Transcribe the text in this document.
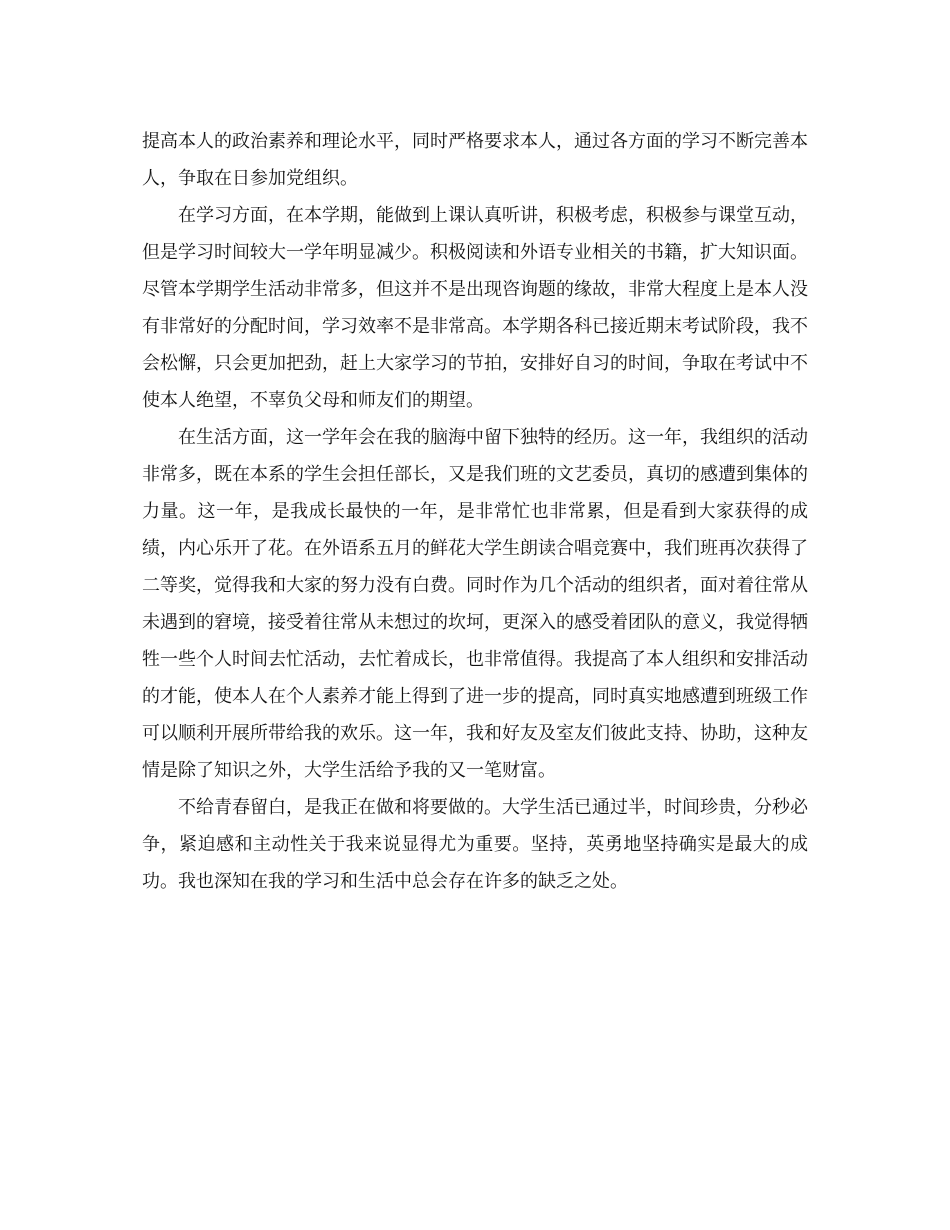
提高本人的政治素养和理论水平，同时严格要求本人，通过各方面的学习不断完善本人，争取在日参加党组织。

在学习方面，在本学期，能做到上课认真听讲，积极考虑，积极参与课堂互动，但是学习时间较大一学年明显减少。积极阅读和外语专业相关的书籍，扩大知识面。尽管本学期学生活动非常多，但这并不是出现咨询题的缘故，非常大程度上是本人没有非常好的分配时间，学习效率不是非常高。本学期各科已接近期末考试阶段，我不会松懈，只会更加把劲，赶上大家学习的节拍，安排好自习的时间，争取在考试中不使本人绝望，不辜负父母和师友们的期望。

在生活方面，这一学年会在我的脑海中留下独特的经历。这一年，我组织的活动非常多，既在本系的学生会担任部长，又是我们班的文艺委员，真切的感遭到集体的力量。这一年，是我成长最快的一年，是非常忙也非常累，但是看到大家获得的成绩，内心乐开了花。在外语系五月的鲜花大学生朗读合唱竞赛中，我们班再次获得了二等奖，觉得我和大家的努力没有白费。同时作为几个活动的组织者，面对着往常从未遇到的窘境，接受着往常从未想过的坎坷，更深入的感受着团队的意义，我觉得牺牲一些个人时间去忙活动，去忙着成长，也非常值得。我提高了本人组织和安排活动的才能，使本人在个人素养才能上得到了进一步的提高，同时真实地感遭到班级工作可以顺利开展所带给我的欢乐。这一年，我和好友及室友们彼此支持、协助，这种友情是除了知识之外，大学生活给予我的又一笔财富。

不给青春留白，是我正在做和将要做的。大学生活已通过半，时间珍贵，分秒必争，紧迫感和主动性关于我来说显得尤为重要。坚持，英勇地坚持确实是最大的成功。我也深知在我的学习和生活中总会存在许多的缺乏之处。
